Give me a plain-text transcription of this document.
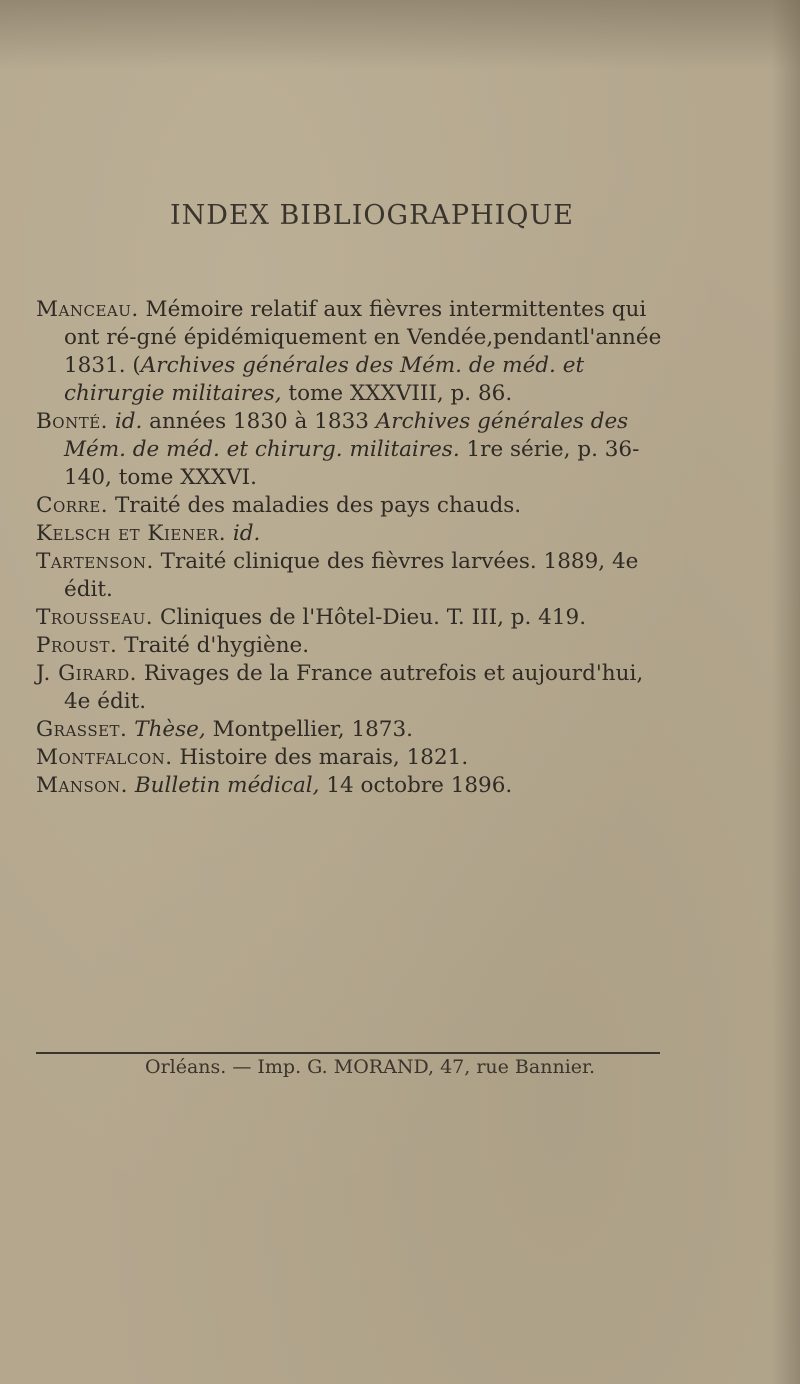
INDEX BIBLIOGRAPHIQUE

Manceau. Mémoire relatif aux fièvres intermittentes qui ont ré-gné épidémiquement en Vendée,pendantl'année 1831. (Archives générales des Mém. de méd. et chirurgie militaires, tome XXXVIII, p. 86.

Bonté. id. années 1830 à 1833 Archives générales des Mém. de méd. et chirurg. militaires. 1re série, p. 36-140, tome XXXVI.

Corre. Traité des maladies des pays chauds.

Kelsch et Kiener. id.

Tartenson. Traité clinique des fièvres larvées. 1889, 4e édit.

Trousseau. Cliniques de l'Hôtel-Dieu. T. III, p. 419.

Proust. Traité d'hygiène.

J. Girard. Rivages de la France autrefois et aujourd'hui, 4e édit.

Grasset. Thèse, Montpellier, 1873.

Montfalcon. Histoire des marais, 1821.

Manson. Bulletin médical, 14 octobre 1896.

Orléans. — Imp. G. MORAND, 47, rue Bannier.
